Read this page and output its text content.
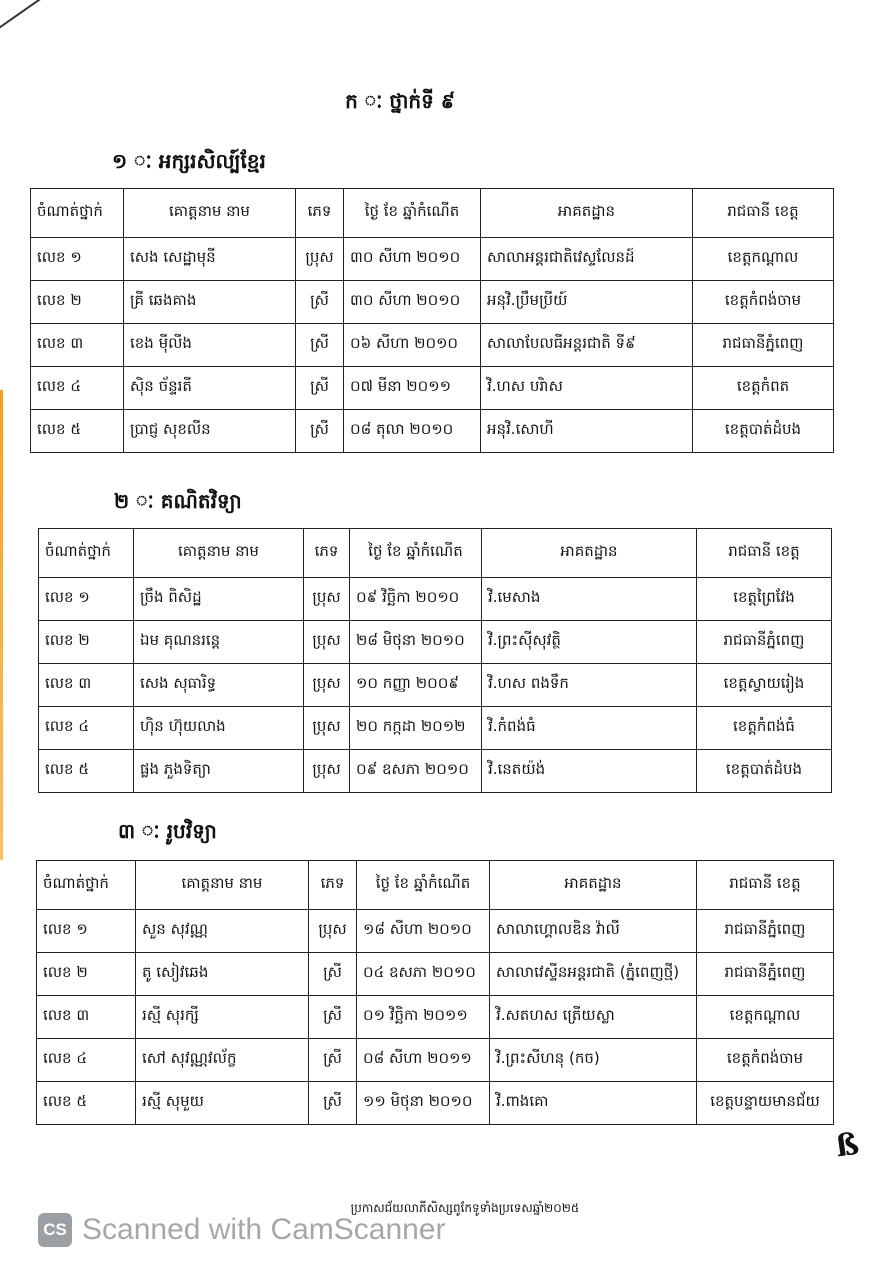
ក ៈ ថ្នាក់ទី ៩
១ ៈ អក្សរសិល្ប៍ខ្មែរ
ចំណាត់ថ្នាក់	គោត្តនាម នាម	ភេទ	ថ្ងៃ ខែ ឆ្នាំកំណើត	អាគតដ្ឋាន	រាជធានី ខេត្ត
លេខ ១	សេង សេដ្ឋាមុនី	ប្រុស	៣០ សីហា ២០១០	សាលាអន្តរជាតិវេស្ទលែនដ៍	ខេត្តកណ្ដាល
លេខ ២	គ្រី ឆេងគាង	ស្រី	៣០ សីហា ២០១០	អនុវិ.ប្រឹមប្រីយ៍	ខេត្តកំពង់ចាម
លេខ ៣	ខេង ម៉ីលីង	ស្រី	០៦ សីហា ២០១០	សាលាបែលធីអន្តរជាតិ ទី៩	រាជធានីភ្នំពេញ
លេខ ៤	ស៊ិន ច័ន្ទរតី	ស្រី	០៧ មីនា ២០១១	វិ.ហស បរិាស	ខេត្តកំពត
លេខ ៥	ប្រាជ្ញ សុខលីន	ស្រី	០៨ តុលា ២០១០	អនុវិ.សោហី	ខេត្តបាត់ដំបង
២ ៈ គណិតវិទ្យា
ចំណាត់ថ្នាក់	គោត្តនាម នាម	ភេទ	ថ្ងៃ ខែ ឆ្នាំកំណើត	អាគតដ្ឋាន	រាជធានី ខេត្ត
លេខ ១	ច្រឹង ពិសិដ្ឋ	ប្រុស	០៩ វិច្ឆិកា ២០១០	វិ.មេសាង	ខេត្តព្រៃវែង
លេខ ២	ឯម គុណនរន្តេ	ប្រុស	២៨ មិថុនា ២០១០	វិ.ព្រះស៊ីសុវត្ថិ	រាជធានីភ្នំពេញ
លេខ ៣	សេង សុធារិទ្ធ	ប្រុស	១០ កញ្ញា ២០០៩	វិ.ហស ពងទឹក	ខេត្តស្វាយរៀង
លេខ ៤	ហ៊ិន ហ៊ុយលាង	ប្រុស	២០ កក្កដា ២០១២	វិ.កំពង់ធំ	ខេត្តកំពង់ធំ
លេខ ៥	ផ្លង ភួងទិត្យា	ប្រុស	០៩ ឧសភា ២០១០	វិ.នេតយ៉ង់	ខេត្តបាត់ដំបង
៣ ៈ រូបវិទ្យា
ចំណាត់ថ្នាក់	គោត្តនាម នាម	ភេទ	ថ្ងៃ ខែ ឆ្នាំកំណើត	អាគតដ្ឋាន	រាជធានី ខេត្ត
លេខ ១	សួន សុវណ្ណ	ប្រុស	១៨ សីហា ២០១០	សាលាហ្គោលឌិន វ៉ាលី	រាជធានីភ្នំពេញ
លេខ ២	តូ សៀវឆេង	ស្រី	០៤ ឧសភា ២០១០	សាលាវេស្ទីនអន្តរជាតិ (ភ្នំពេញថ្មី)	រាជធានីភ្នំពេញ
លេខ ៣	រស្មី សុរក្សី	ស្រី	០១ វិច្ឆិកា ២០១១	វិ.សតហស ត្រើយស្លា	ខេត្តកណ្ដាល
លេខ ៤	សៅ សុវណ្ណវល័ក្ខ	ស្រី	០៨ សីហា ២០១១	វិ.ព្រះសីហនុ (កច)	ខេត្តកំពង់ចាម
លេខ ៥	រស្មី សុមួយ	ស្រី	១១ មិថុនា ២០១០	វិ.ពាងគោ	ខេត្តបន្ទាយមានជ័យ
ß
ប្រកាសជ័យលាភីសិស្សពូកែទូទាំងប្រទេសឆ្នាំ២០២៥
CS Scanned with CamScanner
